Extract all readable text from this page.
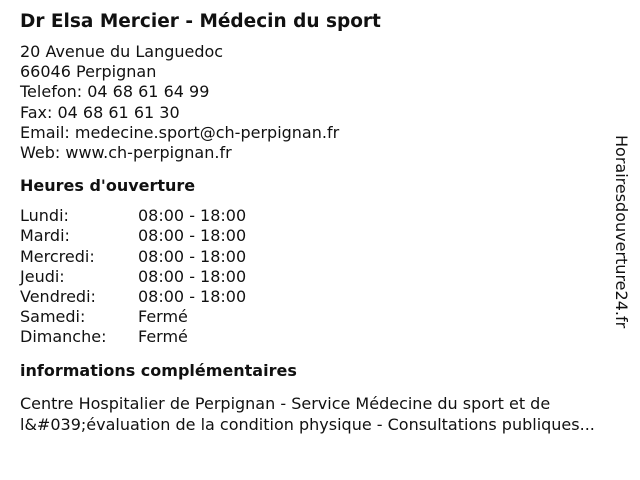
Dr Elsa Mercier - Médecin du sport
20 Avenue du Languedoc
66046 Perpignan
Telefon: 04 68 61 64 99
Fax: 04 68 61 61 30
Email: medecine.sport@ch-perpignan.fr
Web: www.ch-perpignan.fr
Heures d'ouverture
Lundi:	08:00 - 18:00
Mardi:	08:00 - 18:00
Mercredi:	08:00 - 18:00
Jeudi:	08:00 - 18:00
Vendredi:	08:00 - 18:00
Samedi:	Fermé
Dimanche:	Fermé
informations complémentaires
Centre Hospitalier de Perpignan - Service Médecine du sport et de l&#039;évaluation de la condition physique - Consultations publiques...
Horairesdouverture24.fr
